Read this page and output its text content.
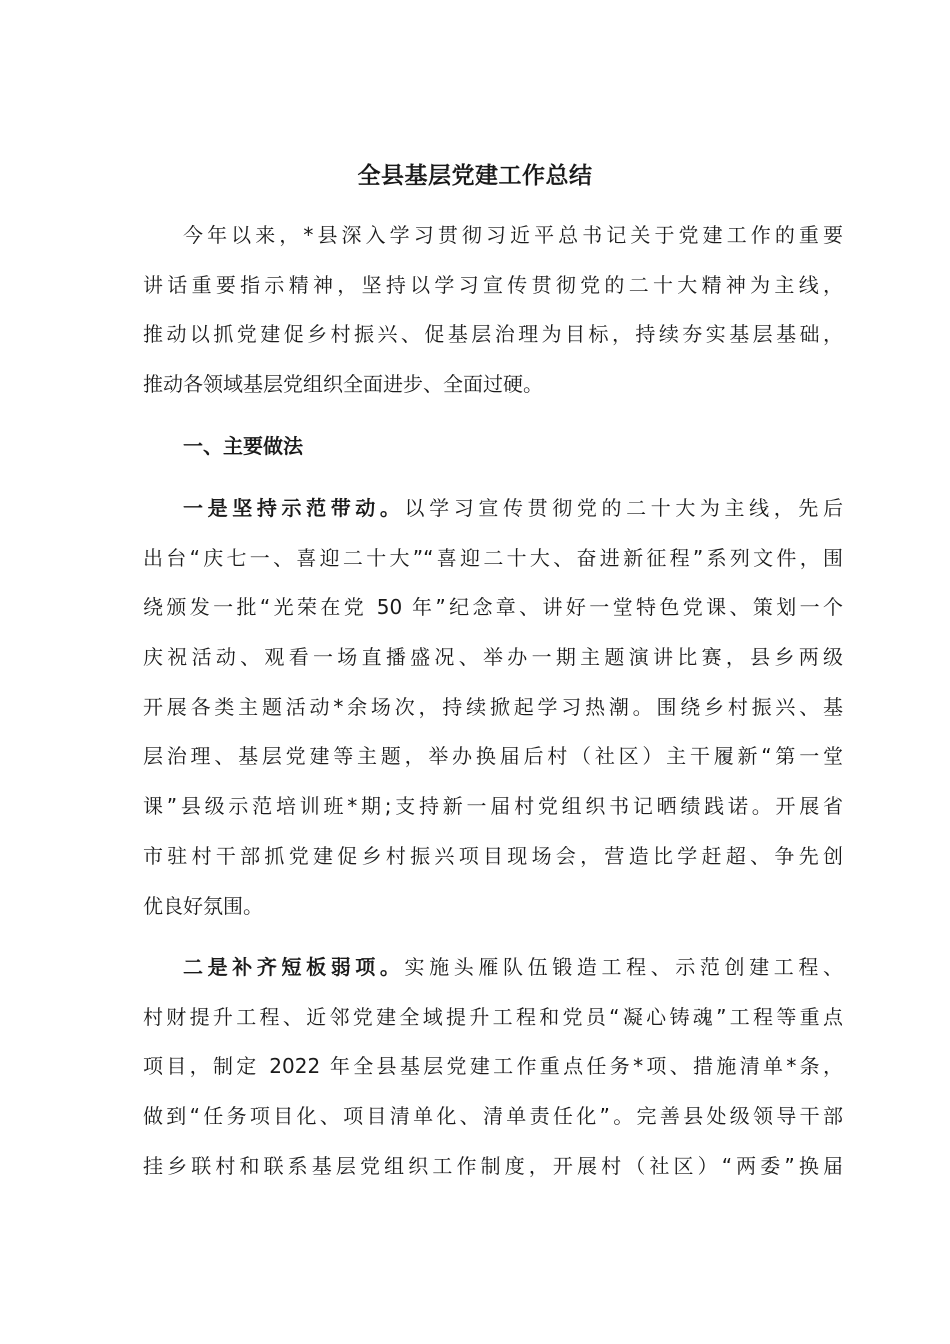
全县基层党建工作总结
今年以来，*县深入学习贯彻习近平总书记关于党建工作的重要
讲话重要指示精神，坚持以学习宣传贯彻党的二十大精神为主线，
推动以抓党建促乡村振兴、促基层治理为目标，持续夯实基层基础，
推动各领域基层党组织全面进步、全面过硬。
一、主要做法
一是坚持示范带动。以学习宣传贯彻党的二十大为主线，先后
出台“庆七一、喜迎二十大”“喜迎二十大、奋进新征程”系列文件，围
绕颁发一批“光荣在党 50 年”纪念章、讲好一堂特色党课、策划一个
庆祝活动、观看一场直播盛况、举办一期主题演讲比赛，县乡两级
开展各类主题活动*余场次，持续掀起学习热潮。围绕乡村振兴、基
层治理、基层党建等主题，举办换届后村（社区）主干履新“第一堂
课”县级示范培训班*期;支持新一届村党组织书记晒绩践诺。开展省
市驻村干部抓党建促乡村振兴项目现场会，营造比学赶超、争先创
优良好氛围。
二是补齐短板弱项。实施头雁队伍锻造工程、示范创建工程、
村财提升工程、近邻党建全域提升工程和党员“凝心铸魂”工程等重点
项目，制定 2022 年全县基层党建工作重点任务*项、措施清单*条，
做到“任务项目化、项目清单化、清单责任化”。完善县处级领导干部
挂乡联村和联系基层党组织工作制度，开展村（社区）“两委”换届
